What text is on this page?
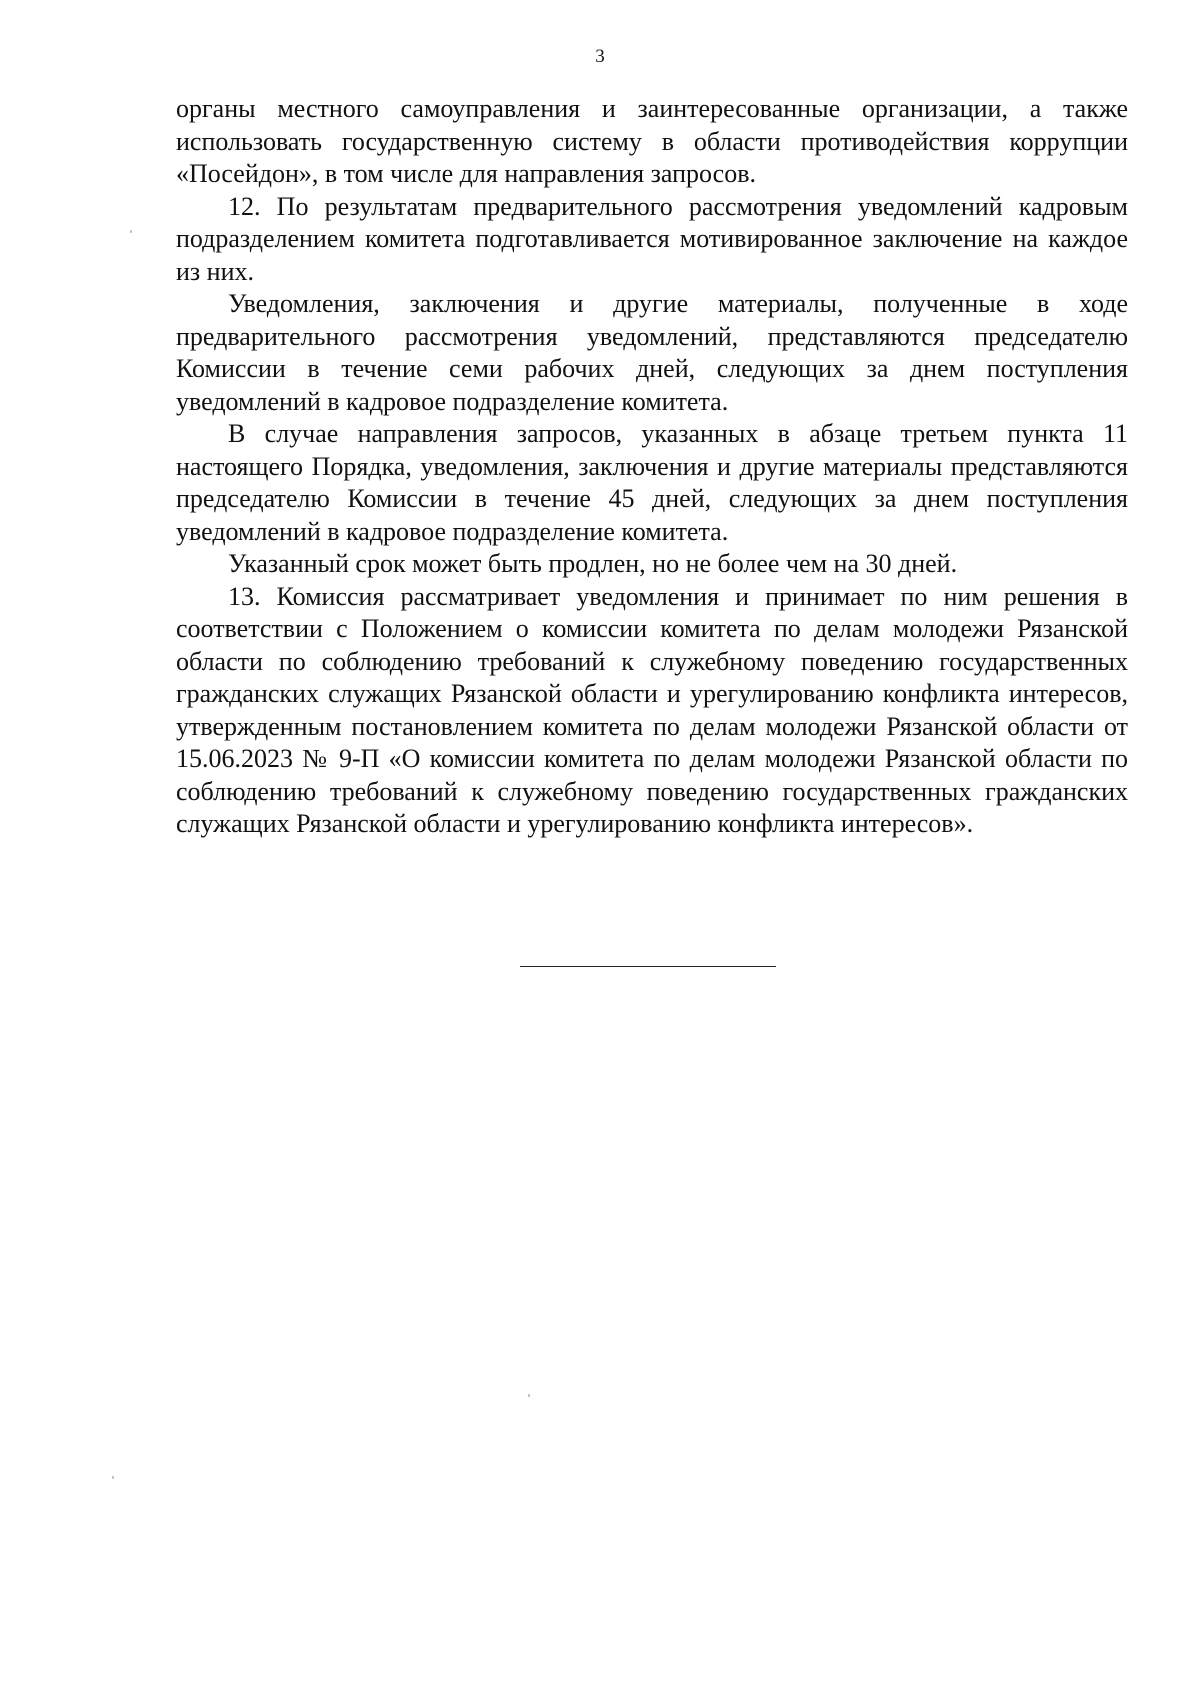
3

органы местного самоуправления и заинтересованные организации, а также использовать государственную систему в области противодействия коррупции «Посейдон», в том числе для направления запросов.

12. По результатам предварительного рассмотрения уведомлений кадровым подразделением комитета подготавливается мотивированное заключение на каждое из них.

Уведомления, заключения и другие материалы, полученные в ходе предварительного рассмотрения уведомлений, представляются председателю Комиссии в течение семи рабочих дней, следующих за днем поступления уведомлений в кадровое подразделение комитета.

В случае направления запросов, указанных в абзаце третьем пункта 11 настоящего Порядка, уведомления, заключения и другие материалы представляются председателю Комиссии в течение 45 дней, следующих за днем поступления уведомлений в кадровое подразделение комитета.

Указанный срок может быть продлен, но не более чем на 30 дней.

13. Комиссия рассматривает уведомления и принимает по ним решения в соответствии с Положением о комиссии комитета по делам молодежи Рязанской области по соблюдению требований к служебному поведению государственных гражданских служащих Рязанской области и урегулированию конфликта интересов, утвержденным постановлением комитета по делам молодежи Рязанской области от 15.06.2023 № 9-П «О комиссии комитета по делам молодежи Рязанской области по соблюдению требований к служебному поведению государственных гражданских служащих Рязанской области и урегулированию конфликта интересов».
